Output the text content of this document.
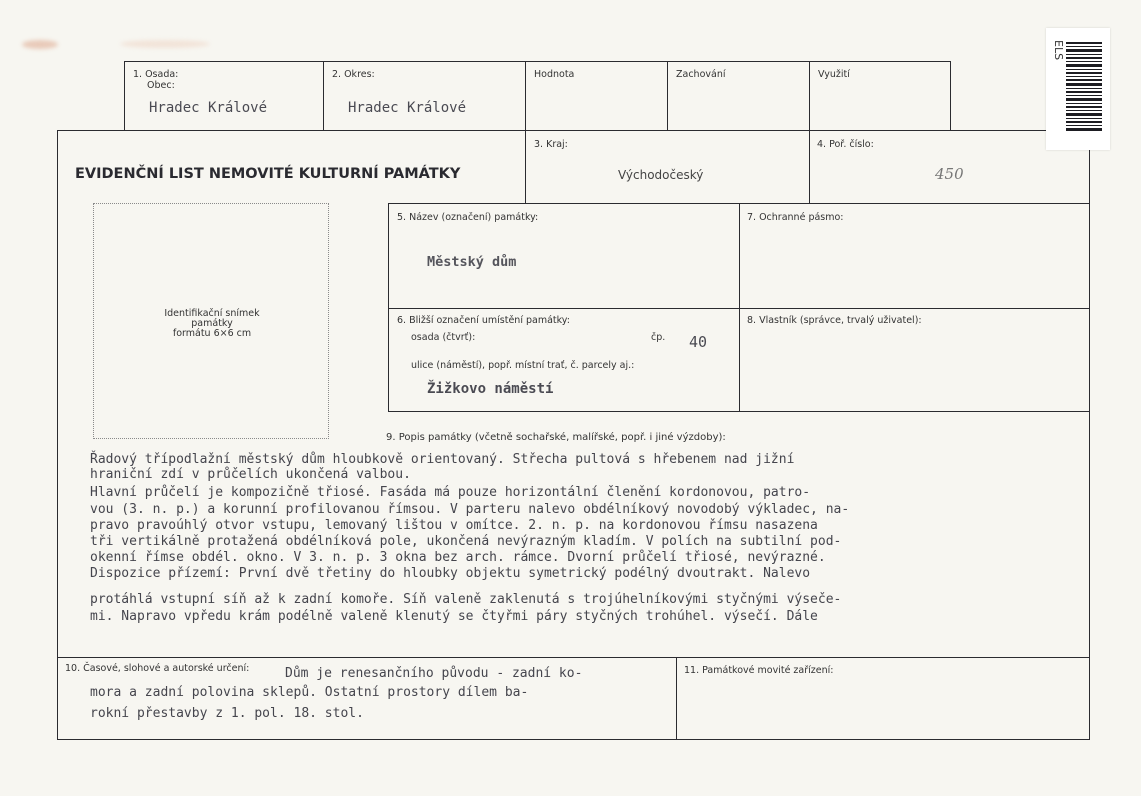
1. Osada:
Obec:
Hradec Králové
2. Okres:
Hradec Králové
Hodnota	Zachování	Využití
EVIDENČNÍ LIST NEMOVITÉ KULTURNÍ PAMÁTKY
3. Kraj:
Východočeský
4. Poř. číslo:
450
Identifikační snímek
památky
formátu 6×6 cm
5. Název (označení) památky:
Městský dům
7. Ochranné pásmo:
6. Bližší označení umístění památky:
osada (čtvrť):	čp. 40
ulice (náměstí), popř. místní trať, č. parcely aj.:
Žižkovo náměstí
8. Vlastník (správce, trvalý uživatel):
9. Popis památky (včetně sochařské, malířské, popř. i jiné výzdoby):
Řadový třípodlažní městský dům hloubkově orientovaný. Střecha pultová s hřebenem nad jižní
hraniční zdí v průčelích ukončená valbou.
Hlavní průčelí je kompozičně třiosé. Fasáda má pouze horizontální členění kordonovou, patro-
vou (3. n. p.) a korunní profilovanou římsou. V parteru nalevo obdélníkový novodobý výkladec, na-
pravo pravoúhlý otvor vstupu, lemovaný lištou v omítce. 2. n. p. na kordonovou římsu nasazena
tři vertikálně protažená obdélníková pole, ukončená nevýrazným kladím. V polích na subtilní pod-
okenní římse obdél. okno. V 3. n. p. 3 okna bez arch. rámce. Dvorní průčelí třiosé, nevýrazné.
Dispozice přízemí: První dvě třetiny do hloubky objektu symetrický podélný dvoutrakt. Nalevo
protáhlá vstupní síň až k zadní komoře. Síň valeně zaklenutá s trojúhelníkovými styčnými výseče-
mi. Napravo vpředu krám podélně valeně klenutý se čtyřmi páry styčných trohúhel. výsečí. Dále
10. Časové, slohové a autorské určení:	Dům je renesančního původu - zadní ko-
mora a zadní polovina sklepů. Ostatní prostory dílem ba-
rokní přestavby z 1. pol. 18. stol.
11. Památkové movité zařízení:
ELS
